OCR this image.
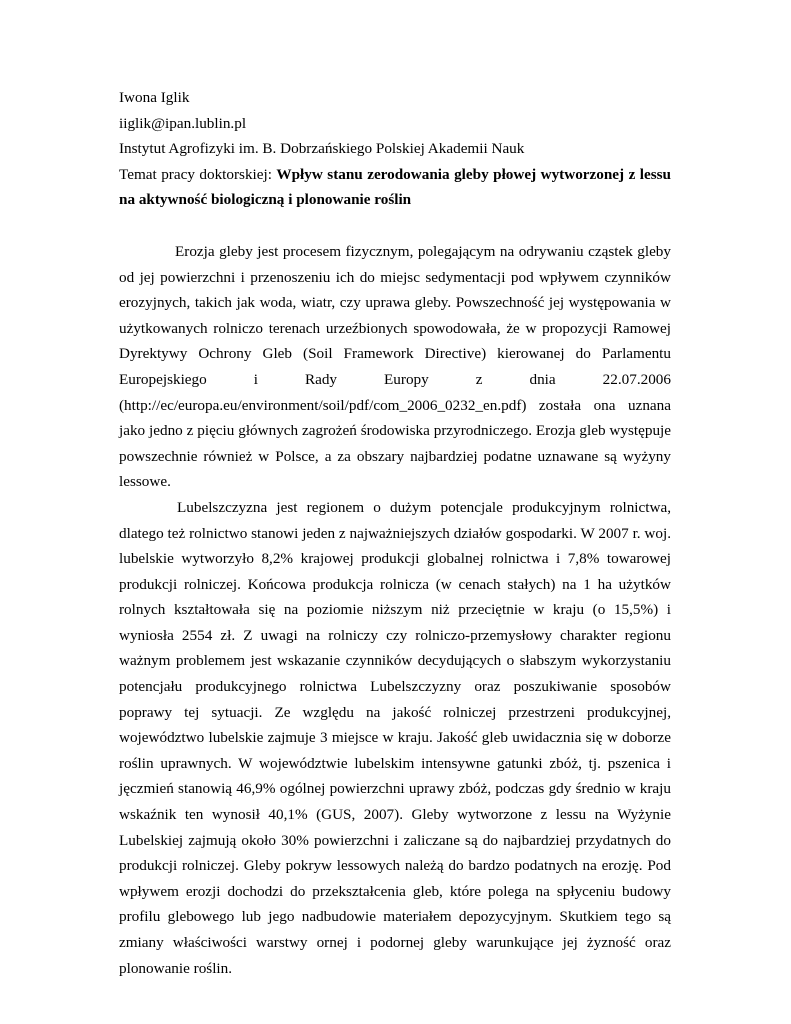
Iwona Iglik

iiglik@ipan.lublin.pl

Instytut Agrofizyki im. B. Dobrzańskiego Polskiej Akademii Nauk

Temat pracy doktorskiej: Wpływ stanu zerodowania gleby płowej wytworzonej z lessu na aktywność biologiczną i plonowanie roślin

Erozja gleby jest procesem fizycznym, polegającym na odrywaniu cząstek gleby od jej powierzchni i przenoszeniu ich do miejsc sedymentacji pod wpływem czynników erozyjnych, takich jak woda, wiatr, czy uprawa gleby. Powszechność jej występowania w użytkowanych rolniczo terenach urzeźbionych spowodowała, że w propozycji Ramowej Dyrektywy Ochrony Gleb (Soil Framework Directive) kierowanej do Parlamentu Europejskiego i Rady Europy z dnia 22.07.2006 (http://ec/europa.eu/environment/soil/pdf/com_2006_0232_en.pdf) została ona uznana jako jedno z pięciu głównych zagrożeń środowiska przyrodniczego. Erozja gleb występuje powszechnie również w Polsce, a za obszary najbardziej podatne uznawane są wyżyny lessowe.

Lubelszczyzna jest regionem o dużym potencjale produkcyjnym rolnictwa, dlatego też rolnictwo stanowi jeden z najważniejszych działów gospodarki. W 2007 r. woj. lubelskie wytworzyło 8,2% krajowej produkcji globalnej rolnictwa i 7,8% towarowej produkcji rolniczej. Końcowa produkcja rolnicza (w cenach stałych) na 1 ha użytków rolnych kształtowała się na poziomie niższym niż przeciętnie w kraju (o 15,5%) i wyniosła 2554 zł. Z uwagi na rolniczy czy rolniczo-przemysłowy charakter regionu ważnym problemem jest wskazanie czynników decydujących o słabszym wykorzystaniu potencjału produkcyjnego rolnictwa Lubelszczyzny oraz poszukiwanie sposobów poprawy tej sytuacji. Ze względu na jakość rolniczej przestrzeni produkcyjnej, województwo lubelskie zajmuje 3 miejsce w kraju. Jakość gleb uwidacznia się w doborze roślin uprawnych. W województwie lubelskim intensywne gatunki zbóż, tj. pszenica i jęczmień stanowią 46,9% ogólnej powierzchni uprawy zbóż, podczas gdy średnio w kraju wskaźnik ten wynosił 40,1% (GUS, 2007). Gleby wytworzone z lessu na Wyżynie Lubelskiej zajmują około 30% powierzchni i zaliczane są do najbardziej przydatnych do produkcji rolniczej. Gleby pokryw lessowych należą do bardzo podatnych na erozję. Pod wpływem erozji dochodzi do przekształcenia gleb, które polega na spłyceniu budowy profilu glebowego lub jego nadbudowie materiałem depozycyjnym. Skutkiem tego są zmiany właściwości warstwy ornej i podornej gleby warunkujące jej żyzność oraz plonowanie roślin.
